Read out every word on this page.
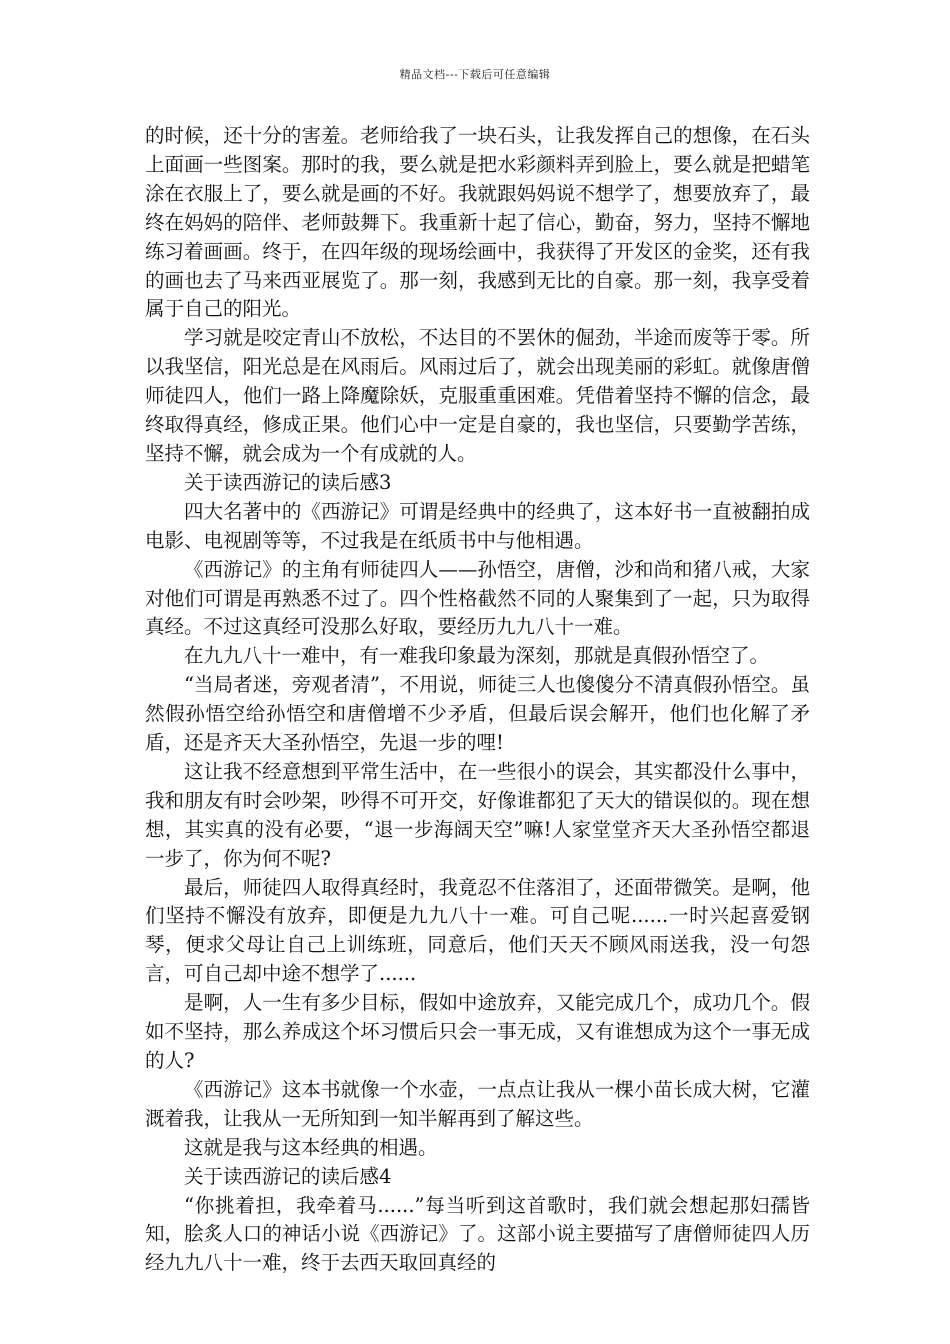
精品文档---下载后可任意编辑

的时候，还十分的害羞。老师给我了一块石头，让我发挥自己的想像，在石头上面画一些图案。那时的我，要么就是把水彩颜料弄到脸上，要么就是把蜡笔涂在衣服上了，要么就是画的不好。我就跟妈妈说不想学了，想要放弃了，最终在妈妈的陪伴、老师鼓舞下。我重新十起了信心，勤奋，努力，坚持不懈地练习着画画。终于，在四年级的现场绘画中，我获得了开发区的金奖，还有我的画也去了马来西亚展览了。那一刻，我感到无比的自豪。那一刻，我享受着属于自己的阳光。

学习就是咬定青山不放松，不达目的不罢休的倔劲，半途而废等于零。所以我坚信，阳光总是在风雨后。风雨过后了，就会出现美丽的彩虹。就像唐僧师徒四人，他们一路上降魔除妖，克服重重困难。凭借着坚持不懈的信念，最终取得真经，修成正果。他们心中一定是自豪的，我也坚信，只要勤学苦练，坚持不懈，就会成为一个有成就的人。

关于读西游记的读后感3

四大名著中的《西游记》可谓是经典中的经典了，这本好书一直被翻拍成电影、电视剧等等，不过我是在纸质书中与他相遇。

《西游记》的主角有师徒四人——孙悟空，唐僧，沙和尚和猪八戒，大家对他们可谓是再熟悉不过了。四个性格截然不同的人聚集到了一起，只为取得真经。不过这真经可没那么好取，要经历九九八十一难。

在九九八十一难中，有一难我印象最为深刻，那就是真假孙悟空了。

“当局者迷，旁观者清”，不用说，师徒三人也傻傻分不清真假孙悟空。虽然假孙悟空给孙悟空和唐僧增不少矛盾，但最后误会解开，他们也化解了矛盾，还是齐天大圣孙悟空，先退一步的哩!

这让我不经意想到平常生活中，在一些很小的误会，其实都没什么事中，我和朋友有时会吵架，吵得不可开交，好像谁都犯了天大的错误似的。现在想想，其实真的没有必要，“退一步海阔天空”嘛!人家堂堂齐天大圣孙悟空都退一步了，你为何不呢?

最后，师徒四人取得真经时，我竟忍不住落泪了，还面带微笑。是啊，他们坚持不懈没有放弃，即便是九九八十一难。可自己呢......一时兴起喜爱钢琴，便求父母让自己上训练班，同意后，他们天天不顾风雨送我，没一句怨言，可自己却中途不想学了......

是啊，人一生有多少目标，假如中途放弃，又能完成几个，成功几个。假如不坚持，那么养成这个坏习惯后只会一事无成，又有谁想成为这个一事无成的人?

《西游记》这本书就像一个水壶，一点点让我从一棵小苗长成大树，它灌溉着我，让我从一无所知到一知半解再到了解这些。

这就是我与这本经典的相遇。

关于读西游记的读后感4

“你挑着担，我牵着马......”每当听到这首歌时，我们就会想起那妇孺皆知，脍炙人口的神话小说《西游记》了。这部小说主要描写了唐僧师徒四人历经九九八十一难，终于去西天取回真经的
